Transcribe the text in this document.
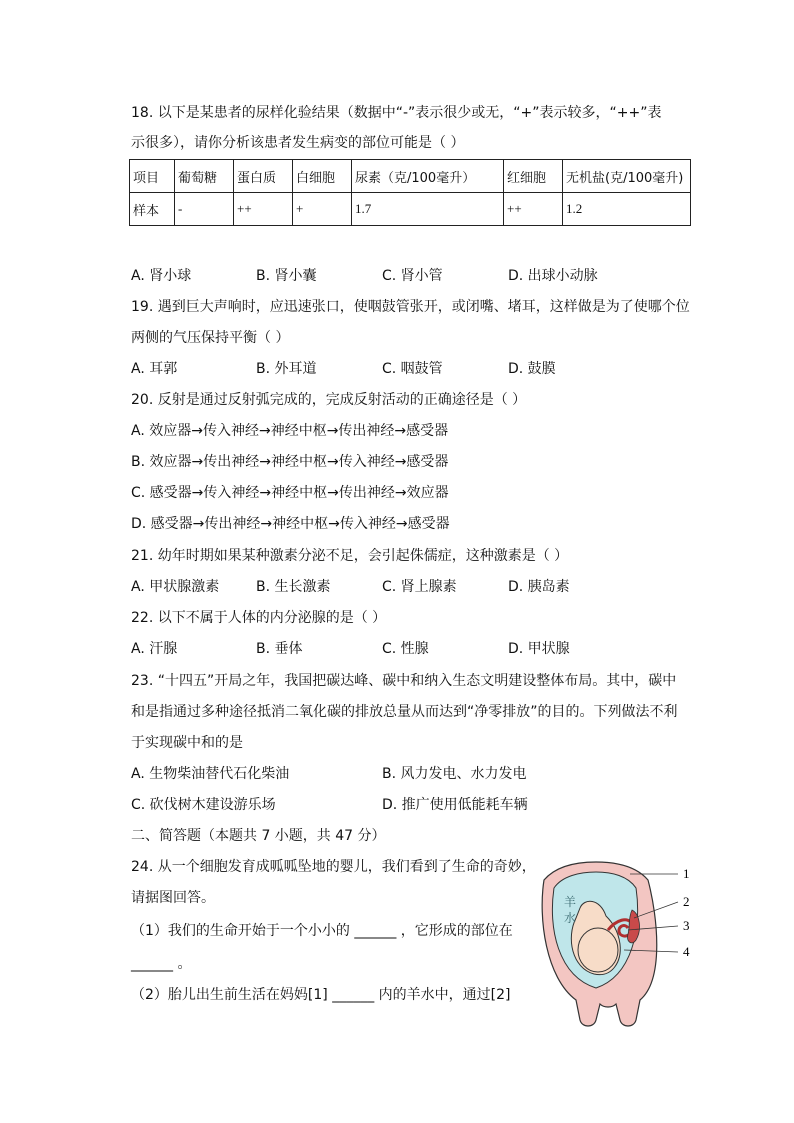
18. 以下是某患者的尿样化验结果（数据中“-”表示很少或无，“+”表示较多，“++”表
示很多），请你分析该患者发生病变的部位可能是（ ）
项目	葡萄糖	蛋白质	白细胞	尿素（克/100毫升）	红细胞	无机盐(克/100毫升)
样本	-	++	+	1.7	++	1.2
A. 肾小球	B. 肾小囊	C. 肾小管	D. 出球小动脉
19. 遇到巨大声响时，应迅速张口，使咽鼓管张开，或闭嘴、堵耳，这样做是为了使哪个位
两侧的气压保持平衡（ ）
A. 耳郭	B. 外耳道	C. 咽鼓管	D. 鼓膜
20. 反射是通过反射弧完成的，完成反射活动的正确途径是（ ）
A. 效应器→传入神经→神经中枢→传出神经→感受器
B. 效应器→传出神经→神经中枢→传入神经→感受器
C. 感受器→传入神经→神经中枢→传出神经→效应器
D. 感受器→传出神经→神经中枢→传入神经→感受器
21. 幼年时期如果某种激素分泌不足，会引起侏儒症，这种激素是（ ）
A. 甲状腺激素	B. 生长激素	C. 肾上腺素	D. 胰岛素
22. 以下不属于人体的内分泌腺的是（ ）
A. 汗腺	B. 垂体	C. 性腺	D. 甲状腺
23. “十四五”开局之年，我国把碳达峰、碳中和纳入生态文明建设整体布局。其中，碳中
和是指通过多种途径抵消二氧化碳的排放总量从而达到“净零排放”的目的。下列做法不利
于实现碳中和的是
A. 生物柴油替代石化柴油	B. 风力发电、水力发电
C. 砍伐树木建设游乐场	D. 推广使用低能耗车辆
二、简答题（本题共 7 小题，共 47 分）
24. 从一个细胞发育成呱呱坠地的婴儿，我们看到了生命的奇妙，
请据图回答。
（1）我们的生命开始于一个小小的 ______ ，它形成的部位在
______ 。
（2）胎儿出生前生活在妈妈[1] ______ 内的羊水中，通过[2]
羊
水
1
2
3
4
